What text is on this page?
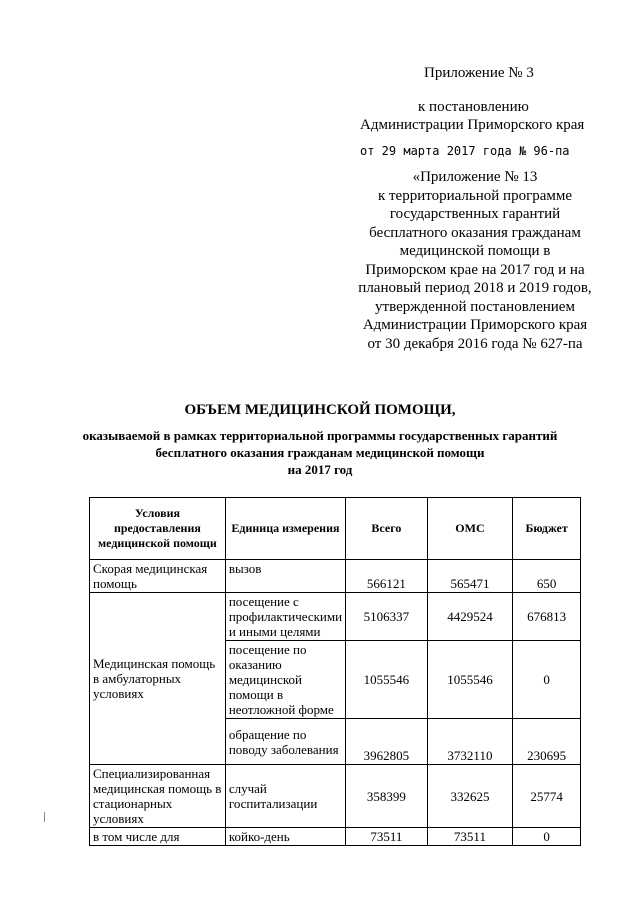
Приложение № 3
к постановлению
Администрации Приморского края
от 29 марта 2017 года № 96-па
«Приложение № 13
к территориальной программе
государственных гарантий
бесплатного оказания гражданам
медицинской помощи в
Приморском крае на 2017 год и на
плановый период 2018 и 2019 годов,
утвержденной постановлением
Администрации Приморского края
от 30 декабря 2016 года № 627-па
ОБЪЕМ МЕДИЦИНСКОЙ ПОМОЩИ,
оказываемой в рамках территориальной программы государственных гарантий
бесплатного оказания гражданам медицинской помощи
на 2017 год
Условия предоставления медицинской помощи	Единица измерения	Всего	ОМС	Бюджет
Скорая медицинская помощь	вызов	566121	565471	650
Медицинская помощь в амбулаторных условиях	посещение с профилактическими и иными целями	5106337	4429524	676813
	посещение по оказанию медицинской помощи в неотложной форме	1055546	1055546	0
	обращение по поводу заболевания	3962805	3732110	230695
Специализированная медицинская помощь в стационарных условиях	случай госпитализации	358399	332625	25774
в том числе для	койко-день	73511	73511	0
